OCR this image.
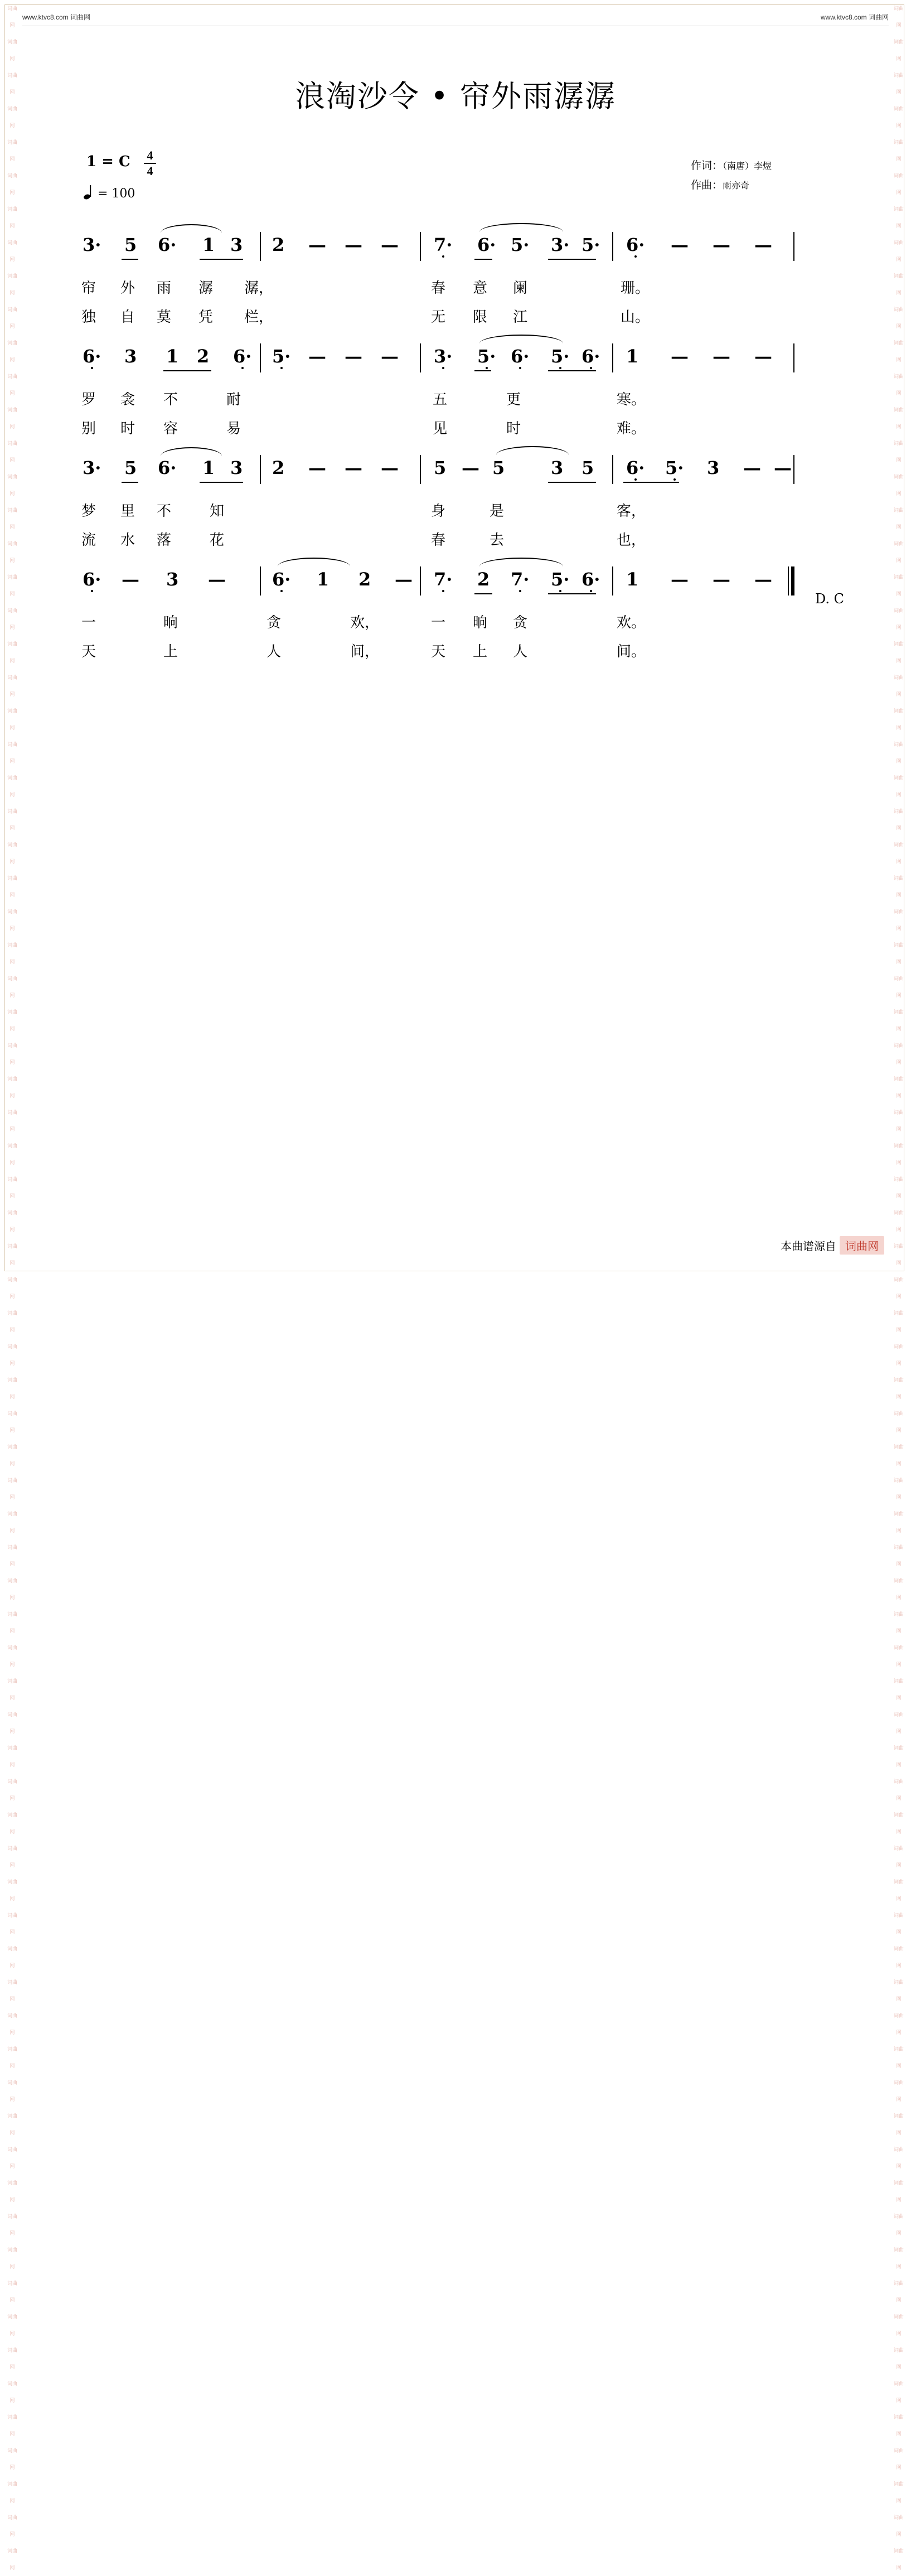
词曲网
词曲网
词曲网
词曲网
词曲网
词曲网
词曲网
词曲网
词曲网
词曲网
词曲网
词曲网
词曲网
词曲网
词曲网
词曲网
词曲网
词曲网
词曲网
词曲网
词曲网
词曲网
词曲网
词曲网
词曲网
词曲网
词曲网
词曲网
词曲网
词曲网
词曲网
词曲网
词曲网
词曲网
词曲网
词曲网
词曲网
词曲网
词曲网
词曲网
词曲网
词曲网
词曲网
词曲网
词曲网
词曲网
词曲网
词曲网
词曲网
词曲网
词曲网
词曲网
词曲网
词曲网
词曲网
词曲网
词曲网
词曲网
词曲网
词曲网
词曲网
词曲网
词曲网
词曲网
词曲网
词曲网
词曲网
词曲网
词曲网
词曲网
词曲网
词曲网
词曲网
词曲网
词曲网
词曲网
词曲网
词曲网
词曲网
词曲网
词曲网
词曲网
词曲网
词曲网
词曲网
词曲网
词曲网
词曲网
词曲网
词曲网
词曲网
词曲网
词曲网
词曲网
词曲网
词曲网
词曲网
词曲网
词曲网
词曲网
词曲网
词曲网
词曲网
词曲网
词曲网
词曲网
词曲网
词曲网
词曲网
词曲网
词曲网
词曲网
词曲网
词曲网
词曲网
词曲网
词曲网
词曲网
词曲网
词曲网
词曲网
词曲网
词曲网
词曲网
词曲网
词曲网
词曲网
词曲网
词曲网
词曲网
词曲网
词曲网
词曲网
词曲网
词曲网
词曲网
词曲网
词曲网
词曲网
词曲网
词曲网
词曲网
词曲网
词曲网
词曲网
词曲网
词曲网
词曲网
词曲网
词曲网
词曲网
词曲网
词曲网
词曲网
www.ktvc8.com 词曲网	www.ktvc8.com 词曲网
浪淘沙令 • 帘外雨潺潺
1 = C 4
4
= 100
作词：（南唐）李煜
作曲：雨亦奇
3· 5 6· 1 3 2 — — — 7· 6· 5· 3· 5· 6· — — —
帘 外 雨 潺 潺，	春 意 阑	珊。
独 自 莫 凭 栏，	无 限 江	山。
6· 3 1 2 6· 5· — — — 3· 5· 6· 5· 6· 1 — — —
罗 衾 不	耐	五	更	寒。
别 时 容	易	见	时	难。
3· 5 6· 1 3 2 — — — 5 — 5	3 5 6· 5· 3 — —
梦 里 不	知	身	是	客，
流 水 落	花	春	去	也，
6· — 3 —	6· 1 2 — 7· 2 7· 5· 6· 1 — — —
一	晌	贪	欢，	一 晌 贪	欢。
天	上	人	间，	天 上 人	间。
D. C
本曲谱源自 词曲网
